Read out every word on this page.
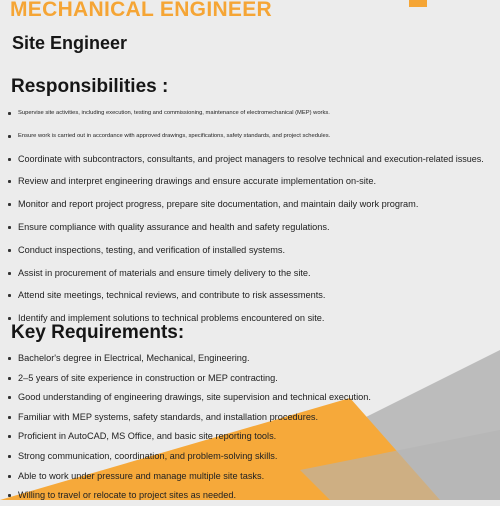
MECHANICAL ENGINEER
Site Engineer
Responsibilities :
Supervise site activities, including execution, testing and commissioning, maintenance of electromechanical (MEP) works.
Ensure work is carried out in accordance with approved drawings, specifications, safety standards, and project schedules.
Coordinate with subcontractors, consultants, and project managers to resolve technical and execution-related issues.
Review and interpret engineering drawings and ensure accurate implementation on-site.
Monitor and report project progress, prepare site documentation, and maintain daily work program.
Ensure compliance with quality assurance and health and safety regulations.
Conduct inspections, testing, and verification of installed systems.
Assist in procurement of materials and ensure timely delivery to the site.
Attend site meetings, technical reviews, and contribute to risk assessments.
Identify and implement solutions to technical problems encountered on site.
Key Requirements:
Bachelor's degree in Electrical, Mechanical, Engineering.
2–5 years of site experience in construction or MEP contracting.
Good understanding of engineering drawings, site supervision and technical execution.
Familiar with MEP systems, safety standards, and installation procedures.
Proficient in AutoCAD, MS Office, and basic site reporting tools.
Strong communication, coordination, and problem-solving skills.
Able to work under pressure and manage multiple site tasks.
Willing to travel or relocate to project sites as needed.
